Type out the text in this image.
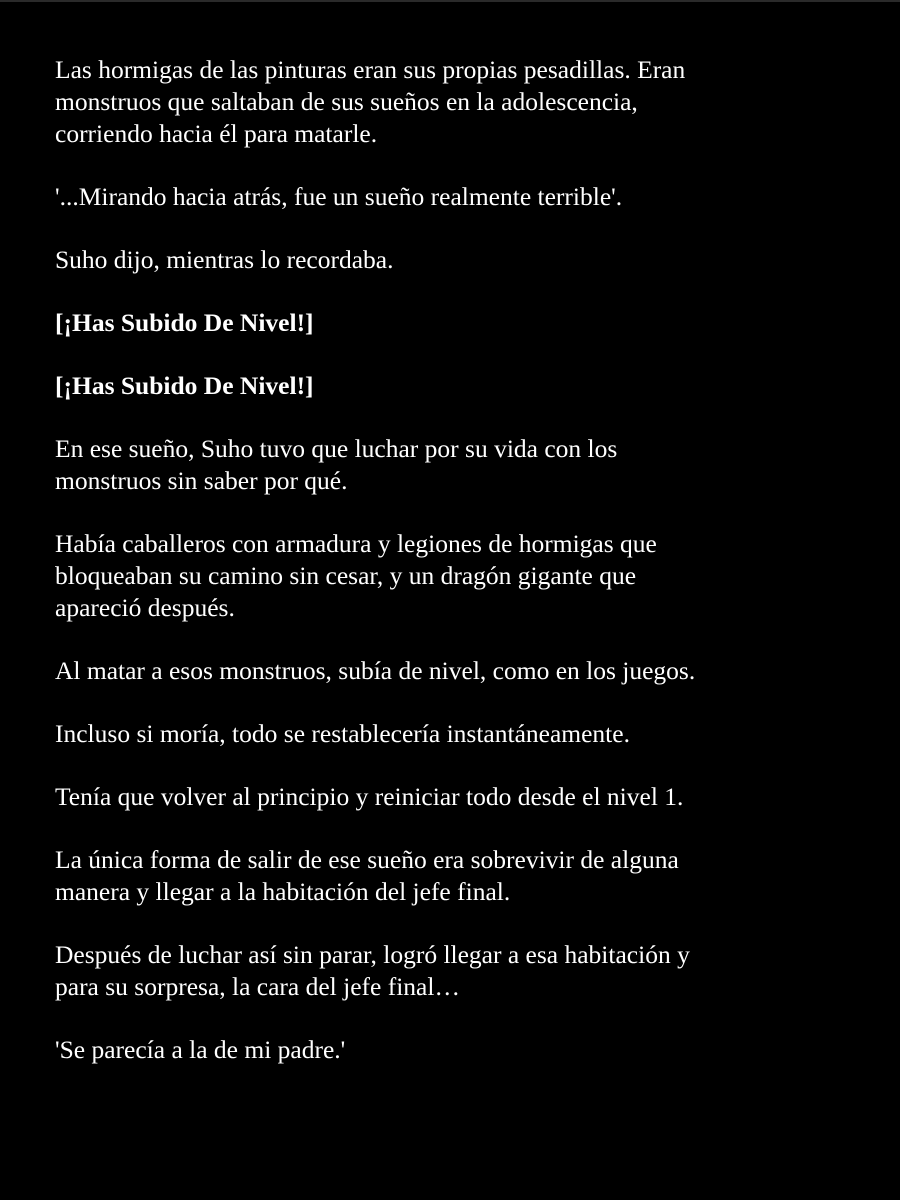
Las hormigas de las pinturas eran sus propias pesadillas. Eran
monstruos que saltaban de sus sueños en la adolescencia,
corriendo hacia él para matarle.

'...Mirando hacia atrás, fue un sueño realmente terrible'.

Suho dijo, mientras lo recordaba.

[¡Has Subido De Nivel!]

[¡Has Subido De Nivel!]

En ese sueño, Suho tuvo que luchar por su vida con los
monstruos sin saber por qué.

Había caballeros con armadura y legiones de hormigas que
bloqueaban su camino sin cesar, y un dragón gigante que
apareció después.

Al matar a esos monstruos, subía de nivel, como en los juegos.

Incluso si moría, todo se restablecería instantáneamente.

Tenía que volver al principio y reiniciar todo desde el nivel 1.

La única forma de salir de ese sueño era sobrevivir de alguna
manera y llegar a la habitación del jefe final.

Después de luchar así sin parar, logró llegar a esa habitación y
para su sorpresa, la cara del jefe final…

'Se parecía a la de mi padre.'
